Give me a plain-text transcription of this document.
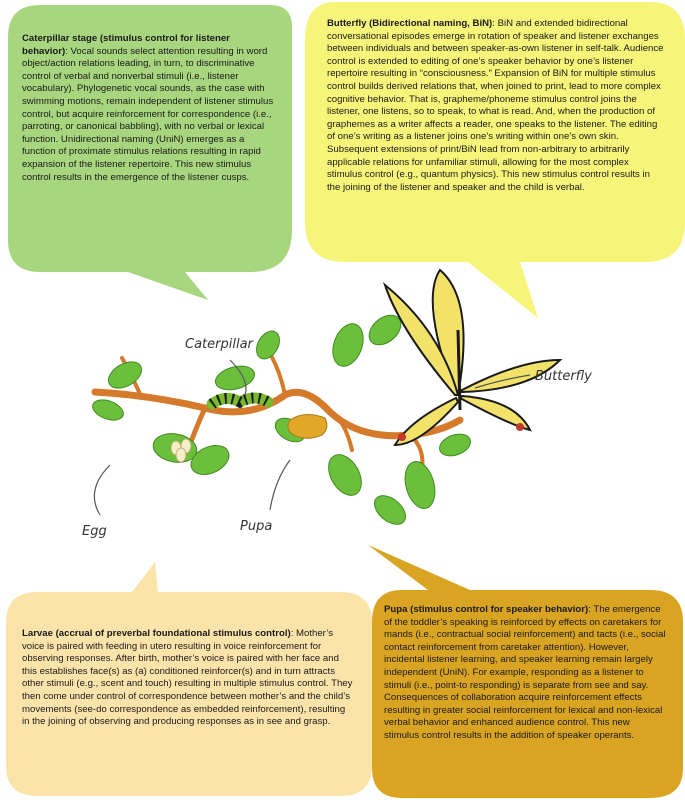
Caterpillar
Butterfly
Egg	Pupa
Caterpillar stage (stimulus control for listener behavior): Vocal sounds select attention resulting in word object/action relations leading, in turn, to discriminative control of verbal and nonverbal stimuli (i.e., listener vocabulary). Phylogenetic vocal sounds, as the case with swimming motions, remain independent of listener stimulus control, but acquire reinforcement for correspondence (i.e., parroting, or canonical babbling), with no verbal or lexical function. Unidirectional naming (UniN) emerges as a function of proximate stimulus relations resulting in rapid expansion of the listener repertoire. This new stimulus control results in the emergence of the listener cusps.
Butterfly (Bidirectional naming, BiN): BiN and extended bidirectional conversational episodes emerge in rotation of speaker and listener exchanges between individuals and between speaker-as-own listener in self-talk. Audience control is extended to editing of one’s speaker behavior by one’s listener repertoire resulting in “consciousness.” Expansion of BiN for multiple stimulus control builds derived relations that, when joined to print, lead to more complex cognitive behavior. That is, grapheme/phoneme stimulus control joins the listener, one listens, so to speak, to what is read. And, when the production of graphemes as a writer affects a reader, one speaks to the listener. The editing of one’s writing as a listener joins one’s writing within one’s own skin. Subsequent extensions of print/BiN lead from non-arbitrary to arbitrarily applicable relations for unfamiliar stimuli, allowing for the most complex stimulus control (e.g., quantum physics). This new stimulus control results in the joining of the listener and speaker and the child is verbal.
Larvae (accrual of preverbal foundational stimulus control): Mother’s voice is paired with feeding in utero resulting in voice reinforcement for observing responses. After birth, mother’s voice is paired with her face and this establishes face(s) as (a) conditioned reinforcer(s) and in turn attracts other stimuli (e.g., scent and touch) resulting in multiple stimulus control. They then come under control of correspondence between mother’s and the child’s movements (see-do correspondence as embedded reinforcement), resulting in the joining of observing and producing responses as in see and grasp.
Pupa (stimulus control for speaker behavior): The emergence of the toddler’s speaking is reinforced by effects on caretakers for mands (i.e., contractual social reinforcement) and tacts (i.e., social contact reinforcement from caretaker attention). However, incidental listener learning, and speaker learning remain largely independent (UniN). For example, responding as a listener to stimuli (i.e., point-to responding) is separate from see and say. Consequences of collaboration acquire reinforcement effects resulting in greater social reinforcement for lexical and non-lexical verbal behavior and enhanced audience control. This new stimulus control results in the addition of speaker operants.
